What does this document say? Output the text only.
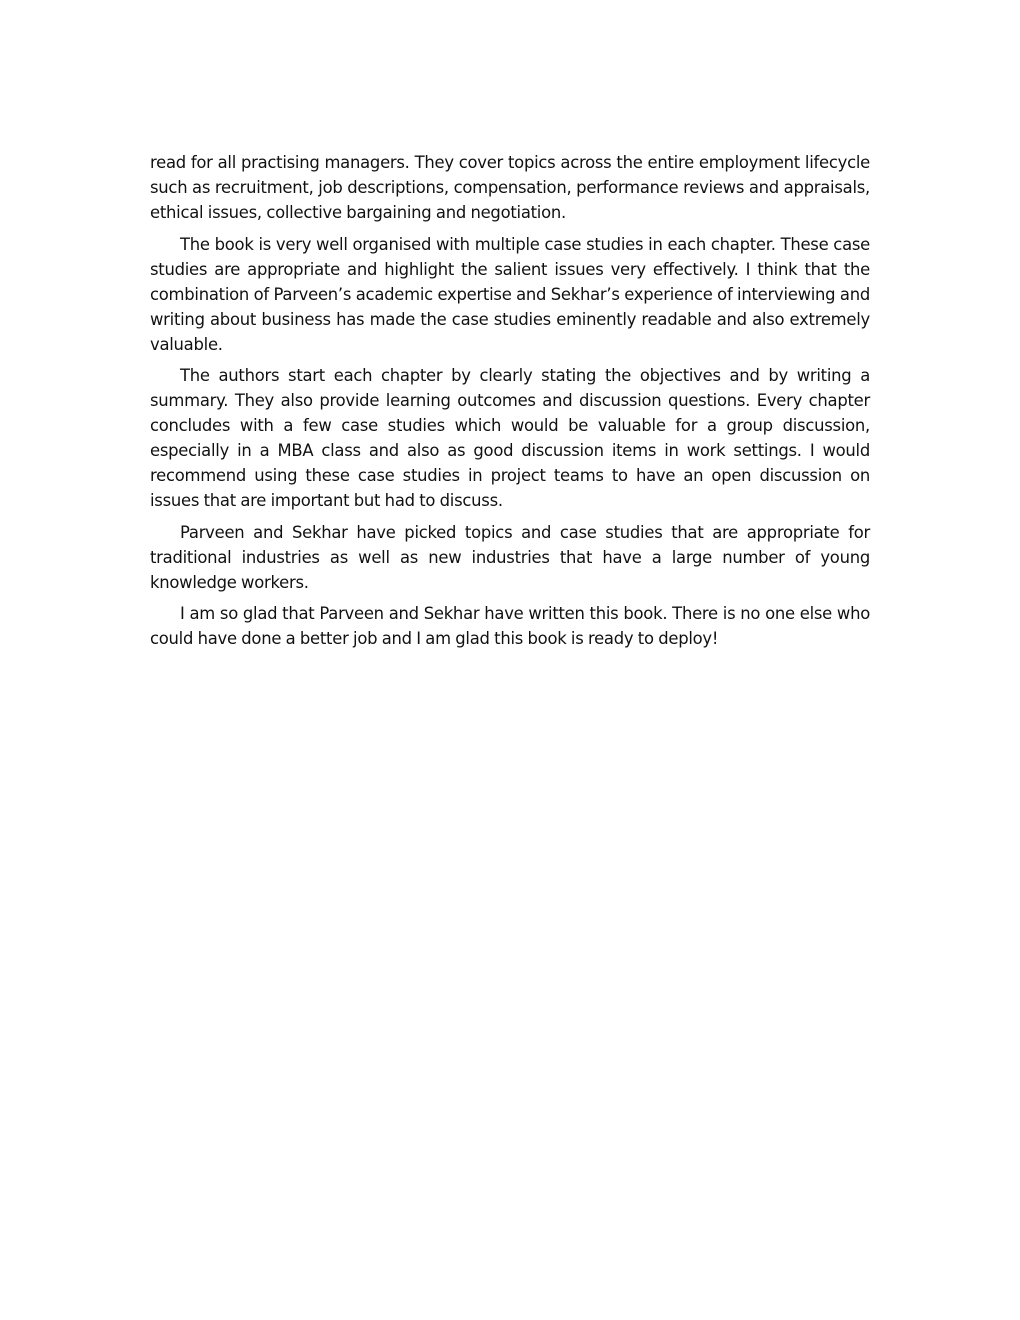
read for all practising managers. They cover topics across the entire employment lifecycle such as recruitment, job descriptions, compensation, performance reviews and appraisals, ethical issues, collective bargaining and negotiation.

The book is very well organised with multiple case studies in each chapter. These case studies are appropriate and highlight the salient issues very effectively. I think that the combination of Parveen’s academic expertise and Sekhar’s experience of interviewing and writing about business has made the case studies eminently readable and also extremely valuable.

The authors start each chapter by clearly stating the objectives and by writing a summary. They also provide learning outcomes and discussion questions. Every chapter concludes with a few case studies which would be valuable for a group discussion, especially in a MBA class and also as good discussion items in work settings. I would recommend using these case studies in project teams to have an open discussion on issues that are important but had to discuss.

Parveen and Sekhar have picked topics and case studies that are appropriate for traditional industries as well as new industries that have a large number of young knowledge workers.

I am so glad that Parveen and Sekhar have written this book. There is no one else who could have done a better job and I am glad this book is ready to deploy!
